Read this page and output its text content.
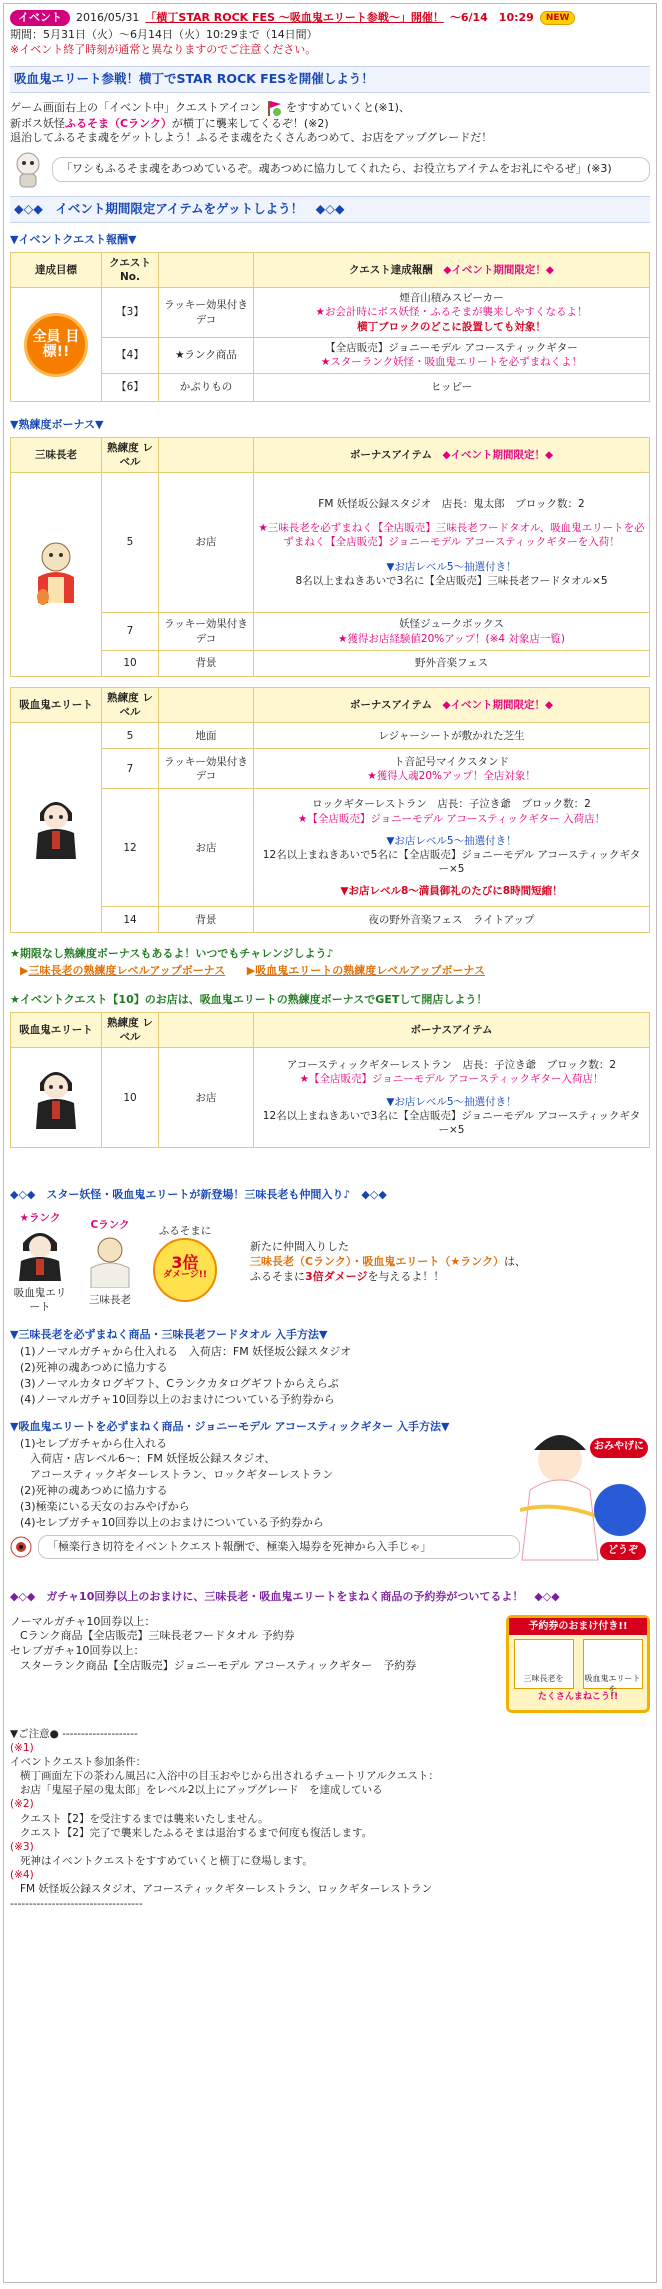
イベント	2016/05/31 「横丁STAR ROCK FES ～吸血鬼エリート参戦～」開催！ ～6/14　10:29	NEW
期間：5月31日（火）～6月14日（火）10:29まで（14日間）
※イベント終了時刻が通常と異なりますのでご注意ください。
吸血鬼エリート参戦！横丁でSTAR ROCK FESを開催しよう！
ゲーム画面右上の「イベント中」クエストアイコン をすすめていくと(※1)、
新ボス妖怪ふるそま（Cランク）が横丁に襲来してくるぞ！(※2)
退治してふるそま魂をゲットしよう！ふるそま魂をたくさんあつめて、お店をアップグレードだ！
「ワシもふるそま魂をあつめているぞ。魂あつめに協力してくれたら、お役立ちアイテムをお礼にやるぜ」(※3)
◆◇◆　イベント期間限定アイテムをゲットしよう！　◆◇◆
▼イベントクエスト報酬▼
達成目標	クエスト No.		クエスト達成報酬　 ◆イベント期間限定！◆
全員 目標!!	【3】	ラッキー効果付きデコ	煙音山積みスピーカー
★お会計時にボス妖怪・ふるそまが襲来しやすくなるよ！
横丁ブロックのどこに設置しても対象！

	【4】	★ランク商品	【全店販売】ジョニーモデル アコースティックギター
★スターランク妖怪・吸血鬼エリートを必ずまねくよ！

	【6】	かぶりもの	ヒッピー
▼熟練度ボーナス▼
三味長老	熟練度 レベル		ボーナスアイテム　 ◆イベント期間限定！◆
	5	お店	FM 妖怪坂公録スタジオ　店長：鬼太郎　ブロック数：2
★三味長老を必ずまねく【全店販売】三味長老フードタオル、吸血鬼エリートを必ずまねく【全店販売】ジョニーモデル アコースティックギターを入荷！
▼お店レベル5～抽選付き！
8名以上まねきあいで3名に【全店販売】三味長老フードタオル×5

	7	ラッキー効果付きデコ	妖怪ジュークボックス
★獲得お店経験値20%アップ！(※4 対象店一覧)

	10	背景	野外音楽フェス
吸血鬼エリート	熟練度 レベル		ボーナスアイテム　 ◆イベント期間限定！◆
	5	地面	レジャーシートが敷かれた芝生
	7	ラッキー効果付きデコ	ト音記号マイクスタンド
★獲得人魂20%アップ！全店対象！

	12	お店	ロックギターレストラン　店長：子泣き爺　ブロック数：2
★【全店販売】ジョニーモデル アコースティックギター 入荷店！
▼お店レベル5～抽選付き！
12名以上まねきあいで5名に【全店販売】ジョニーモデル アコースティックギター×5
▼お店レベル8～満員御礼のたびに8時間短縮！

	14	背景	夜の野外音楽フェス　ライトアップ
★期限なし熟練度ボーナスもあるよ！いつでもチャレンジしよう♪
▶三味長老の熟練度レベルアップボーナス ▶吸血鬼エリートの熟練度レベルアップボーナス
★イベントクエスト【10】のお店は、吸血鬼エリートの熟練度ボーナスでGETして開店しよう！
吸血鬼エリート	熟練度 レベル		ボーナスアイテム
	10	お店	アコースティックギターレストラン　店長：子泣き爺　ブロック数：2
★【全店販売】ジョニーモデル アコースティックギター入荷店！
▼お店レベル5～抽選付き！
12名以上まねきあいで3名に【全店販売】ジョニーモデル アコースティックギター×5
◆◇◆　スター妖怪・吸血鬼エリートが新登場！三味長老も仲間入り♪　◆◇◆
★ランク
吸血鬼エリート
Cランク
三味長老
ふるそまに
3倍
ダメージ!!
新たに仲間入りした
三味長老（Cランク）・吸血鬼エリート（★ランク）は、
ふるそまに3倍ダメージを与えるよ！！
▼三味長老を必ずまねく商品・三味長老フードタオル 入手方法▼
(1)ノーマルガチャから仕入れる　入荷店：FM 妖怪坂公録スタジオ
(2)死神の魂あつめに協力する
(3)ノーマルカタログギフト、Cランクカタログギフトからえらぶ
(4)ノーマルガチャ10回券以上のおまけについている予約券から
▼吸血鬼エリートを必ずまねく商品・ジョニーモデル アコースティックギター 入手方法▼
(1)セレブガチャから仕入れる
入荷店・店レベル6～：FM 妖怪坂公録スタジオ、
アコースティックギターレストラン、ロックギターレストラン
(2)死神の魂あつめに協力する
(3)極楽にいる天女のおみやげから
(4)セレブガチャ10回券以上のおまけについている予約券から
「極楽行き切符をイベントクエスト報酬で、極楽入場券を死神から入手じゃ」
おみやげに
どうぞ
◆◇◆　ガチャ10回券以上のおまけに、三味長老・吸血鬼エリートをまねく商品の予約券がついてるよ！　◆◇◆
ノーマルガチャ10回券以上：
Cランク商品【全店販売】三味長老フードタオル 予約券
セレブガチャ10回券以上：
スターランク商品【全店販売】ジョニーモデル アコースティックギター　予約券
予約券のおまけ付き!!
三味長老を	吸血鬼エリートを
たくさんまねこう!!
▼ご注意● --------------------
(※1)
イベントクエスト参加条件：
横丁画面左下の茶わん風呂に入浴中の目玉おやじから出されるチュートリアルクエスト：
お店「鬼屋子屋の鬼太郎」をレベル2以上にアップグレード　を達成している
(※2)
クエスト【2】を受注するまでは襲来いたしません。
クエスト【2】完了で襲来したふるそまは退治するまで何度も復活します。
(※3)
死神はイベントクエストをすすめていくと横丁に登場します。
(※4)
FM 妖怪坂公録スタジオ、アコースティックギターレストラン、ロックギターレストラン
-----------------------------------
